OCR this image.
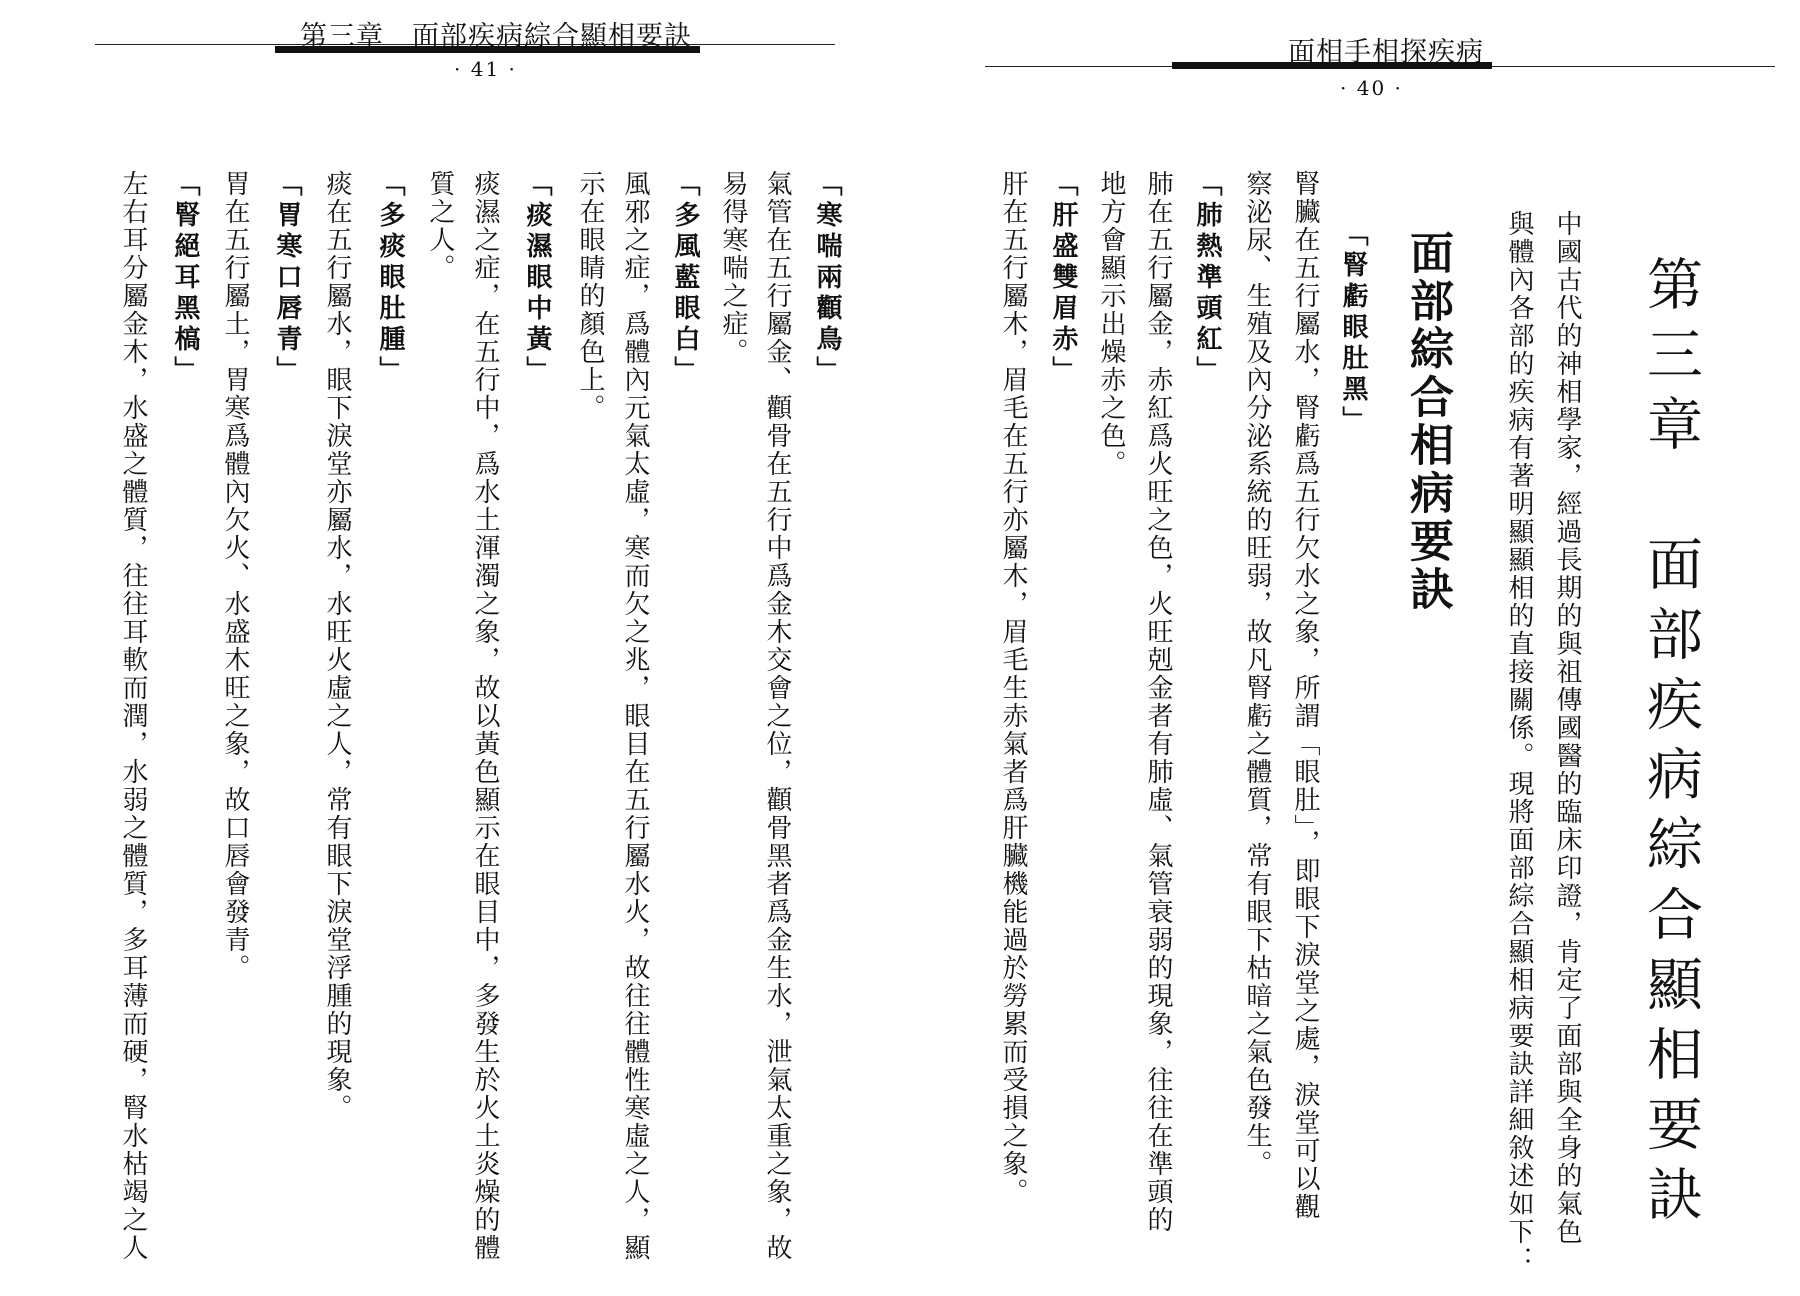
第三章　面部疾病綜合顯相要訣
· 41 ·
「寒喘兩顴鳥」
氣管在五行屬金、顴骨在五行中爲金木交會之位，顴骨黑者爲金生水，泄氣太重之象，故
易得寒喘之症。
「多風藍眼白」
風邪之症，爲體內元氣太虛，寒而欠之兆，眼目在五行屬水火，故往往體性寒虛之人，顯
示在眼睛的顏色上。
「痰濕眼中黃」
痰濕之症，在五行中，爲水土渾濁之象，故以黃色顯示在眼目中，多發生於火土炎燥的體
質之人。
「多痰眼肚腫」
痰在五行屬水，眼下淚堂亦屬水，水旺火虛之人，常有眼下淚堂浮腫的現象。
「胃寒口唇青」
胃在五行屬土，胃寒爲體內欠火、水盛木旺之象，故口唇會發青。
「腎絕耳黑槁」
左右耳分屬金木，水盛之體質，往往耳軟而潤，水弱之體質，多耳薄而硬，腎水枯竭之人
面相手相探疾病
· 40 ·
第三章　面部疾病綜合顯相要訣
中國古代的神相學家，經過長期的與祖傳國醫的臨床印證，肯定了面部與全身的氣色
與體內各部的疾病有著明顯顯相的直接關係。現將面部綜合顯相病要訣詳細敘述如下：
面部綜合相病要訣
「腎虧眼肚黑」
腎臟在五行屬水，腎虧爲五行欠水之象，所謂「眼肚」，即眼下淚堂之處，淚堂可以觀
察泌尿、生殖及內分泌系統的旺弱，故凡腎虧之體質，常有眼下枯暗之氣色發生。
「肺熱準頭紅」
肺在五行屬金，赤紅爲火旺之色，火旺剋金者有肺虛、氣管衰弱的現象，往往在準頭的
地方會顯示出燥赤之色。
「肝盛雙眉赤」
肝在五行屬木，眉毛在五行亦屬木，眉毛生赤氣者爲肝臟機能過於勞累而受損之象。
